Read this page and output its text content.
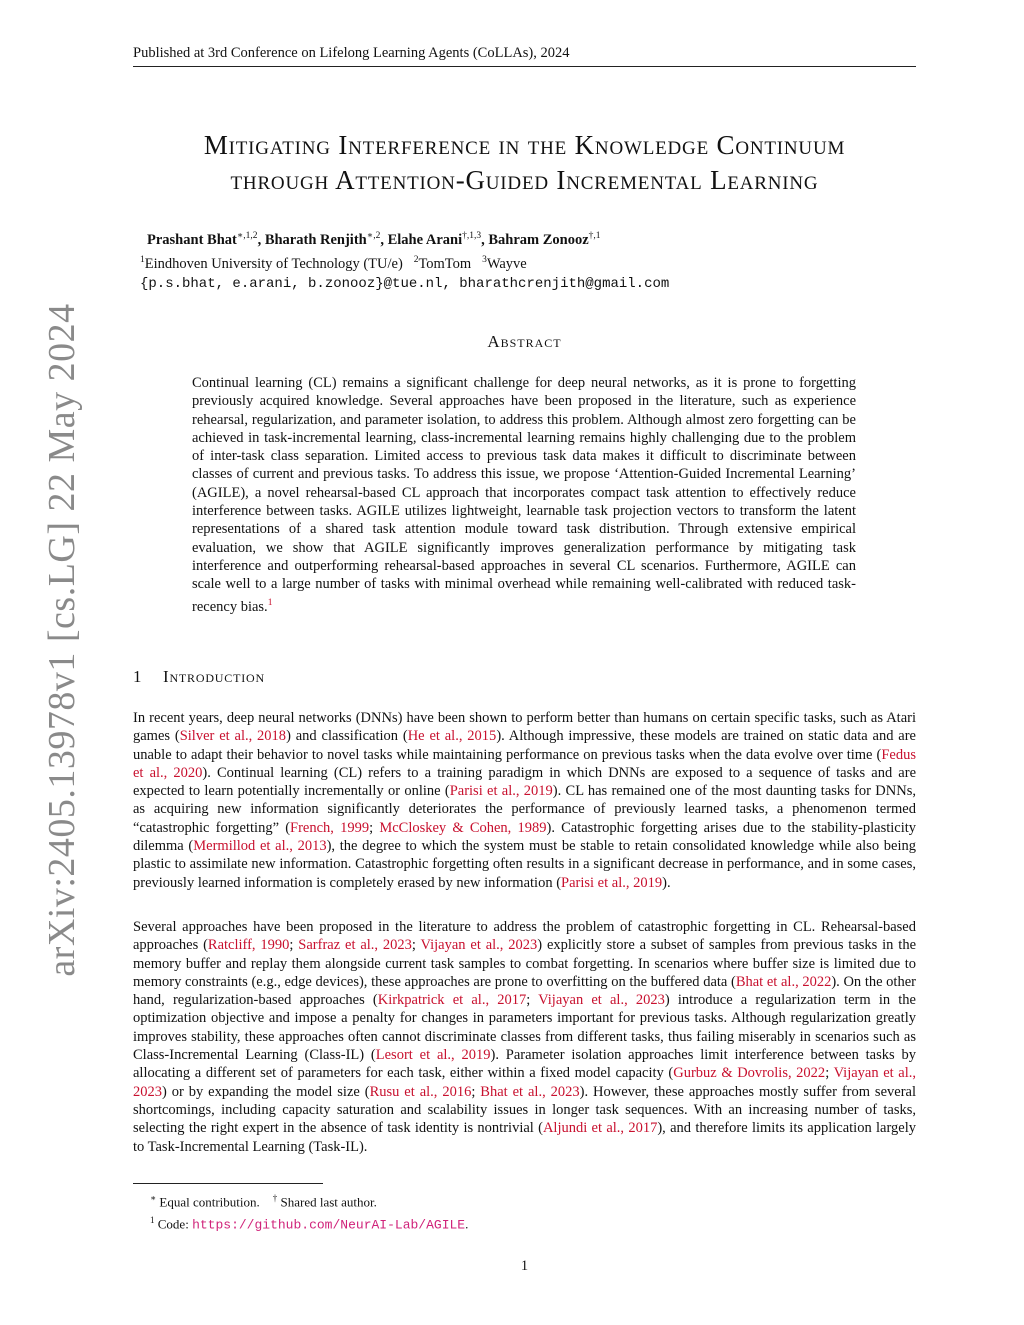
Published at 3rd Conference on Lifelong Learning Agents (CoLLAs), 2024
arXiv:2405.13978v1 [cs.LG] 22 May 2024
Mitigating Interference in the Knowledge Continuum
through Attention-Guided Incremental Learning
Prashant Bhat$^{∗,1,2}$, Bharath Renjith$^{∗,2}$, Elahe Arani$^{\dagger,1,3}$, Bahram Zonooz$^{\dagger,1}$
$^1$Eindhoven University of Technology (TU/e) $^2$TomTom $^3$Wayve
{p.s.bhat, e.arani, b.zonooz}@tue.nl, bharathcrenjith@gmail.com
Abstract
Continual learning (CL) remains a significant challenge for deep neural networks, as it is prone to forgetting previously acquired knowledge. Several approaches have been proposed in the literature, such as experience rehearsal, regularization, and parameter isolation, to address this problem. Although almost zero forgetting can be achieved in task-incremental learning, class-incremental learning remains highly challenging due to the problem of inter-task class separation. Limited access to previous task data makes it difficult to discriminate between classes of current and previous tasks. To address this issue, we propose ‘Attention-Guided Incremental Learning’ (AGILE), a novel rehearsal-based CL approach that incorporates compact task attention to effectively reduce interference between tasks. AGILE utilizes lightweight, learnable task projection vectors to transform the latent representations of a shared task attention module toward task distribution. Through extensive empirical evaluation, we show that AGILE significantly improves generalization performance by mitigating task interference and outperforming rehearsal-based approaches in several CL scenarios. Furthermore, AGILE can scale well to a large number of tasks with minimal overhead while remaining well-calibrated with reduced task-recency bias.$^1$
1 Introduction
In recent years, deep neural networks (DNNs) have been shown to perform better than humans on certain specific tasks, such as Atari games (Silver et al., 2018) and classification (He et al., 2015). Although impressive, these models are trained on static data and are unable to adapt their behavior to novel tasks while maintaining performance on previous tasks when the data evolve over time (Fedus et al., 2020). Continual learning (CL) refers to a training paradigm in which DNNs are exposed to a sequence of tasks and are expected to learn potentially incrementally or online (Parisi et al., 2019). CL has remained one of the most daunting tasks for DNNs, as acquiring new information significantly deteriorates the performance of previously learned tasks, a phenomenon termed “catastrophic forgetting” (French, 1999; McCloskey & Cohen, 1989). Catastrophic forgetting arises due to the stability-plasticity dilemma (Mermillod et al., 2013), the degree to which the system must be stable to retain consolidated knowledge while also being plastic to assimilate new information. Catastrophic forgetting often results in a significant decrease in performance, and in some cases, previously learned information is completely erased by new information (Parisi et al., 2019).
Several approaches have been proposed in the literature to address the problem of catastrophic forgetting in CL. Rehearsal-based approaches (Ratcliff, 1990; Sarfraz et al., 2023; Vijayan et al., 2023) explicitly store a subset of samples from previous tasks in the memory buffer and replay them alongside current task samples to combat forgetting. In scenarios where buffer size is limited due to memory constraints (e.g., edge devices), these approaches are prone to overfitting on the buffered data (Bhat et al., 2022). On the other hand, regularization-based approaches (Kirkpatrick et al., 2017; Vijayan et al., 2023) introduce a regularization term in the optimization objective and impose a penalty for changes in parameters important for previous tasks. Although regularization greatly improves stability, these approaches often cannot discriminate classes from different tasks, thus failing miserably in scenarios such as Class-Incremental Learning (Class-IL) (Lesort et al., 2019). Parameter isolation approaches limit interference between tasks by allocating a different set of parameters for each task, either within a fixed model capacity (Gurbuz & Dovrolis, 2022; Vijayan et al., 2023) or by expanding the model size (Rusu et al., 2016; Bhat et al., 2023). However, these approaches mostly suffer from several shortcomings, including capacity saturation and scalability issues in longer task sequences. With an increasing number of tasks, selecting the right expert in the absence of task identity is nontrivial (Aljundi et al., 2017), and therefore limits its application largely to Task-Incremental Learning (Task-IL).
∗ Equal contribution. † Shared last author.
$^1$ Code: https://github.com/NeurAI-Lab/AGILE.
1
